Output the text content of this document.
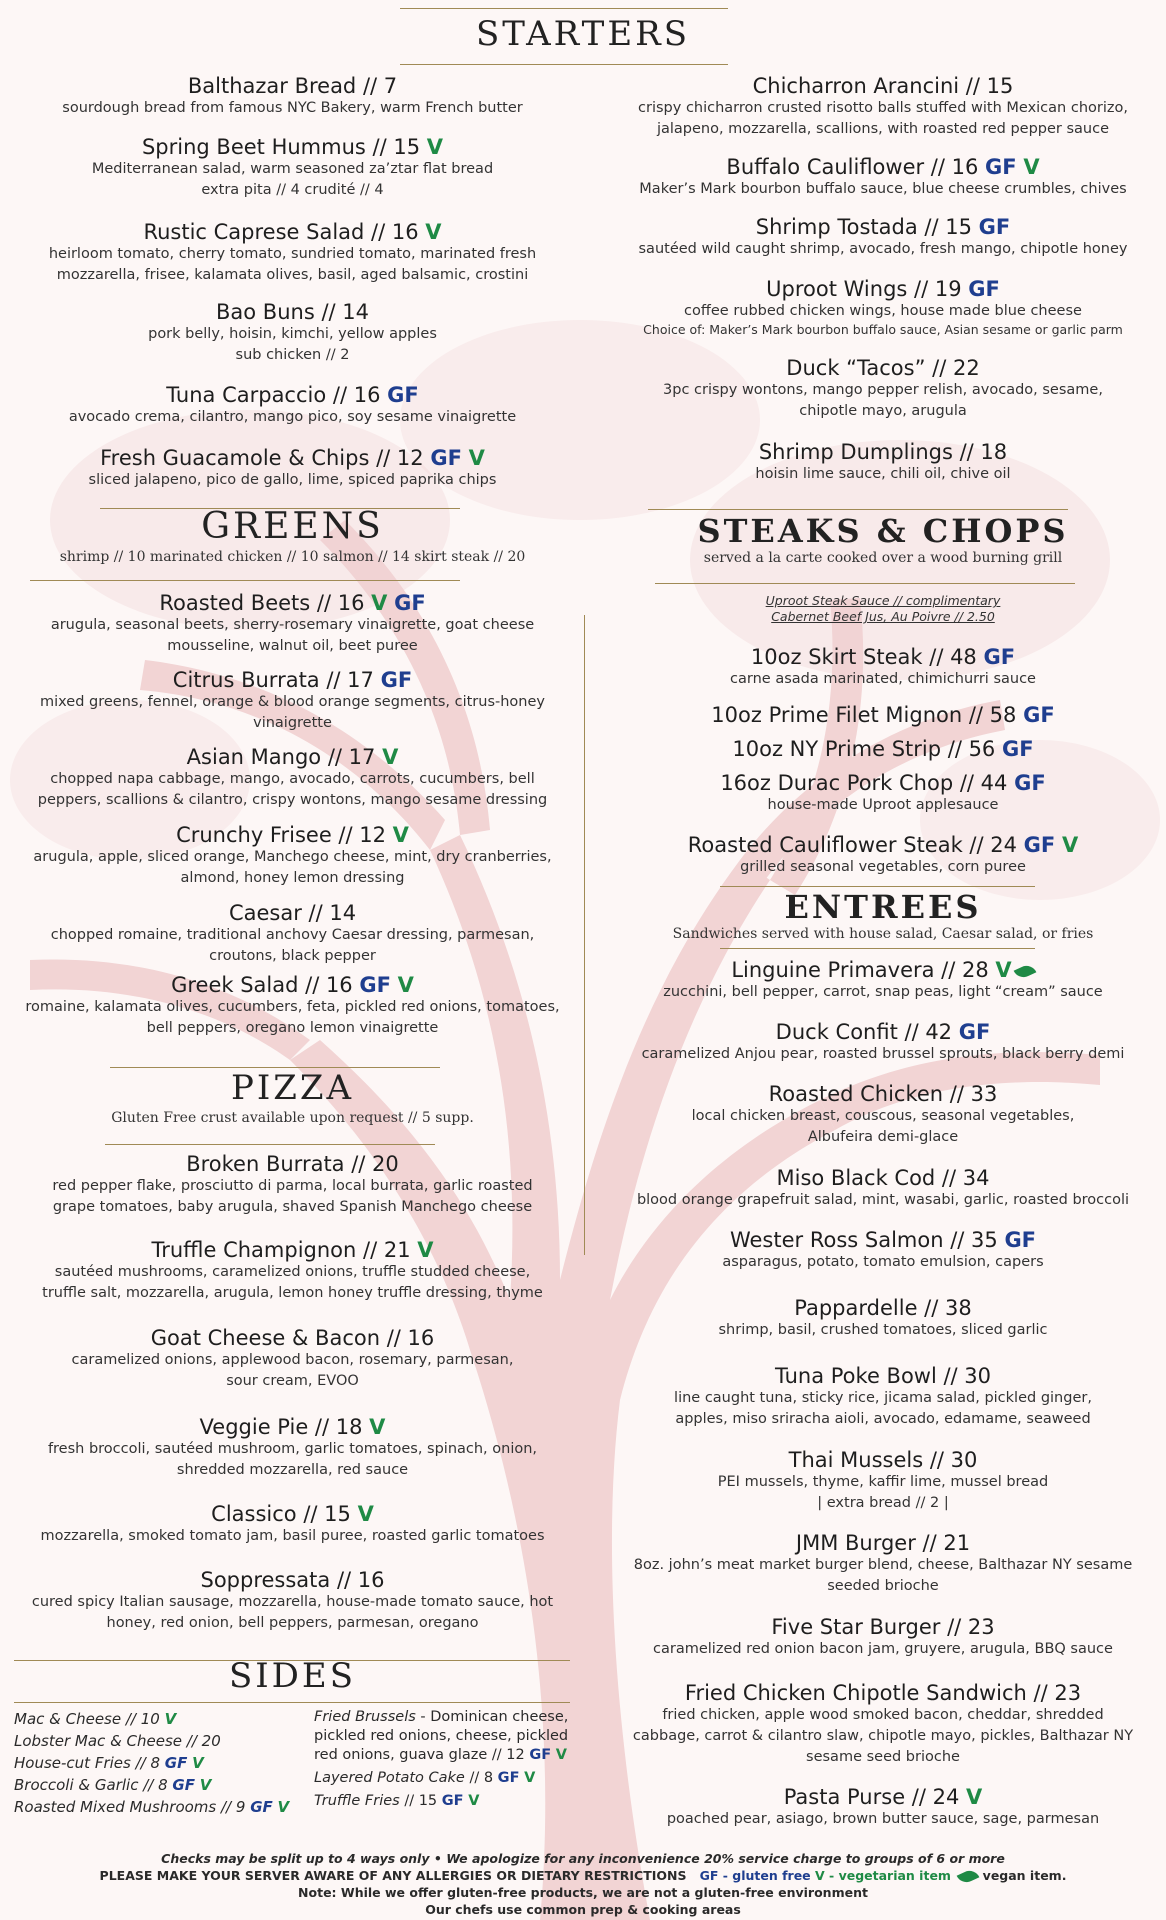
STARTERS
Balthazar Bread // 7
sourdough bread from famous NYC Bakery, warm French butter
Spring Beet Hummus // 15 V
Mediterranean salad, warm seasoned za’ztar flat bread
extra pita // 4 crudité // 4
Rustic Caprese Salad // 16 V
heirloom tomato, cherry tomato, sundried tomato, marinated fresh
mozzarella, frisee, kalamata olives, basil, aged balsamic, crostini
Bao Buns // 14
pork belly, hoisin, kimchi, yellow apples
sub chicken // 2
Tuna Carpaccio // 16 GF
avocado crema, cilantro, mango pico, soy sesame vinaigrette
Fresh Guacamole & Chips // 12 GF V
sliced jalapeno, pico de gallo, lime, spiced paprika chips
GREENS
shrimp // 10 marinated chicken // 10 salmon // 14 skirt steak // 20
Roasted Beets // 16 V GF
arugula, seasonal beets, sherry-rosemary vinaigrette, goat cheese
mousseline, walnut oil, beet puree
Citrus Burrata // 17 GF
mixed greens, fennel, orange & blood orange segments, citrus-honey
vinaigrette
Asian Mango // 17 V
chopped napa cabbage, mango, avocado, carrots, cucumbers, bell
peppers, scallions & cilantro, crispy wontons, mango sesame dressing
Crunchy Frisee // 12 V
arugula, apple, sliced orange, Manchego cheese, mint, dry cranberries,
almond, honey lemon dressing
Caesar // 14
chopped romaine, traditional anchovy Caesar dressing, parmesan,
croutons, black pepper
Greek Salad // 16 GF V
romaine, kalamata olives, cucumbers, feta, pickled red onions, tomatoes,
bell peppers, oregano lemon vinaigrette
PIZZA
Gluten Free crust available upon request // 5 supp.
Broken Burrata // 20
red pepper flake, prosciutto di parma, local burrata, garlic roasted
grape tomatoes, baby arugula, shaved Spanish Manchego cheese
Truffle Champignon // 21 V
sautéed mushrooms, caramelized onions, truffle studded cheese,
truffle salt, mozzarella, arugula, lemon honey truffle dressing, thyme
Goat Cheese & Bacon // 16
caramelized onions, applewood bacon, rosemary, parmesan,
sour cream, EVOO
Veggie Pie // 18 V
fresh broccoli, sautéed mushroom, garlic tomatoes, spinach, onion,
shredded mozzarella, red sauce
Classico // 15 V
mozzarella, smoked tomato jam, basil puree, roasted garlic tomatoes
Soppressata // 16
cured spicy Italian sausage, mozzarella, house-made tomato sauce, hot
honey, red onion, bell peppers, parmesan, oregano
SIDES
Mac & Cheese // 10 V
Lobster Mac & Cheese // 20
House-cut Fries // 8 GF V
Broccoli & Garlic // 8 GF V
Roasted Mixed Mushrooms // 9 GF V
Fried Brussels - Dominican cheese, pickled red onions, cheese, pickled red onions, guava glaze // 12 GF V
Layered Potato Cake // 8 GF V
Truffle Fries // 15 GF V
Chicharron Arancini // 15
crispy chicharron crusted risotto balls stuffed with Mexican chorizo,
jalapeno, mozzarella, scallions, with roasted red pepper sauce
Buffalo Cauliflower // 16 GF V
Maker’s Mark bourbon buffalo sauce, blue cheese crumbles, chives
Shrimp Tostada // 15 GF
sautéed wild caught shrimp, avocado, fresh mango, chipotle honey
Uproot Wings // 19 GF
coffee rubbed chicken wings, house made blue cheese
Choice of: Maker’s Mark bourbon buffalo sauce, Asian sesame or garlic parm
Duck “Tacos” // 22
3pc crispy wontons, mango pepper relish, avocado, sesame,
chipotle mayo, arugula
Shrimp Dumplings // 18
hoisin lime sauce, chili oil, chive oil
STEAKS & CHOPS
served a la carte cooked over a wood burning grill
Uproot Steak Sauce // complimentary
Cabernet Beef Jus, Au Poivre // 2.50
10oz Skirt Steak // 48 GF
carne asada marinated, chimichurri sauce
10oz Prime Filet Mignon // 58 GF
10oz NY Prime Strip // 56 GF
16oz Durac Pork Chop // 44 GF
house-made Uproot applesauce
Roasted Cauliflower Steak // 24 GF V
grilled seasonal vegetables, corn puree
ENTREES
Sandwiches served with house salad, Caesar salad, or fries
Linguine Primavera // 28 V
zucchini, bell pepper, carrot, snap peas, light “cream” sauce
Duck Confit // 42 GF
caramelized Anjou pear, roasted brussel sprouts, black berry demi
Roasted Chicken // 33
local chicken breast, couscous, seasonal vegetables,
Albufeira demi-glace
Miso Black Cod // 34
blood orange grapefruit salad, mint, wasabi, garlic, roasted broccoli
Wester Ross Salmon // 35 GF
asparagus, potato, tomato emulsion, capers
Pappardelle // 38
shrimp, basil, crushed tomatoes, sliced garlic
Tuna Poke Bowl // 30
line caught tuna, sticky rice, jicama salad, pickled ginger,
apples, miso sriracha aioli, avocado, edamame, seaweed
Thai Mussels // 30
PEI mussels, thyme, kaffir lime, mussel bread
| extra bread // 2 |
JMM Burger // 21
8oz. john’s meat market burger blend, cheese, Balthazar NY sesame
seeded brioche
Five Star Burger // 23
caramelized red onion bacon jam, gruyere, arugula, BBQ sauce
Fried Chicken Chipotle Sandwich // 23
fried chicken, apple wood smoked bacon, cheddar, shredded
cabbage, carrot & cilantro slaw, chipotle mayo, pickles, Balthazar NY
sesame seed brioche
Pasta Purse // 24 V
poached pear, asiago, brown butter sauce, sage, parmesan
Checks may be split up to 4 ways only • We apologize for any inconvenience 20% service charge to groups of 6 or more
PLEASE MAKE YOUR SERVER AWARE OF ANY ALLERGIES OR DIETARY RESTRICTIONS GF - gluten free V - vegetarian item	vegan item.
Note: While we offer gluten-free products, we are not a gluten-free environment
Our chefs use common prep & cooking areas
